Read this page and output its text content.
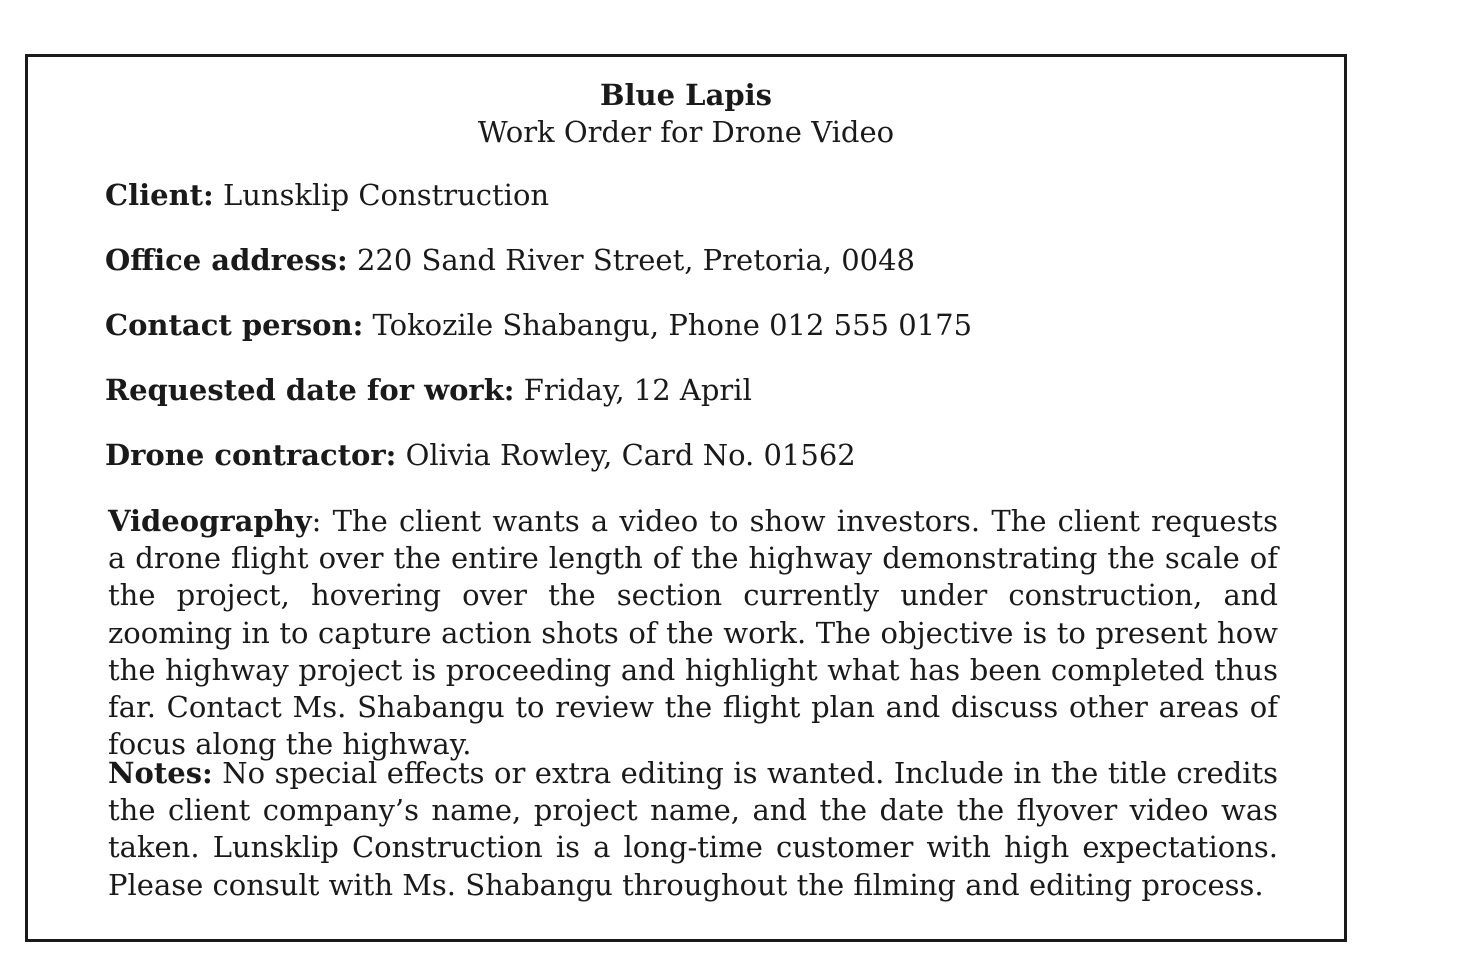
Blue Lapis
Work Order for Drone Video
Client: Lunsklip Construction
Office address: 220 Sand River Street, Pretoria, 0048
Contact person: Tokozile Shabangu, Phone 012 555 0175
Requested date for work: Friday, 12 April
Drone contractor: Olivia Rowley, Card No. 01562

Videography: The client wants a video to show investors. The client requests a drone flight over the entire length of the highway demonstrating the scale of the project, hovering over the section currently under construction, and zooming in to capture action shots of the work. The objective is to present how the highway project is proceeding and highlight what has been completed thus far. Contact Ms. Shabangu to review the flight plan and discuss other areas of focus along the highway.

Notes: No special effects or extra editing is wanted. Include in the title credits the client company’s name, project name, and the date the flyover video was taken. Lunsklip Construction is a long-time customer with high expectations. Please consult with Ms. Shabangu throughout the filming and editing process.
